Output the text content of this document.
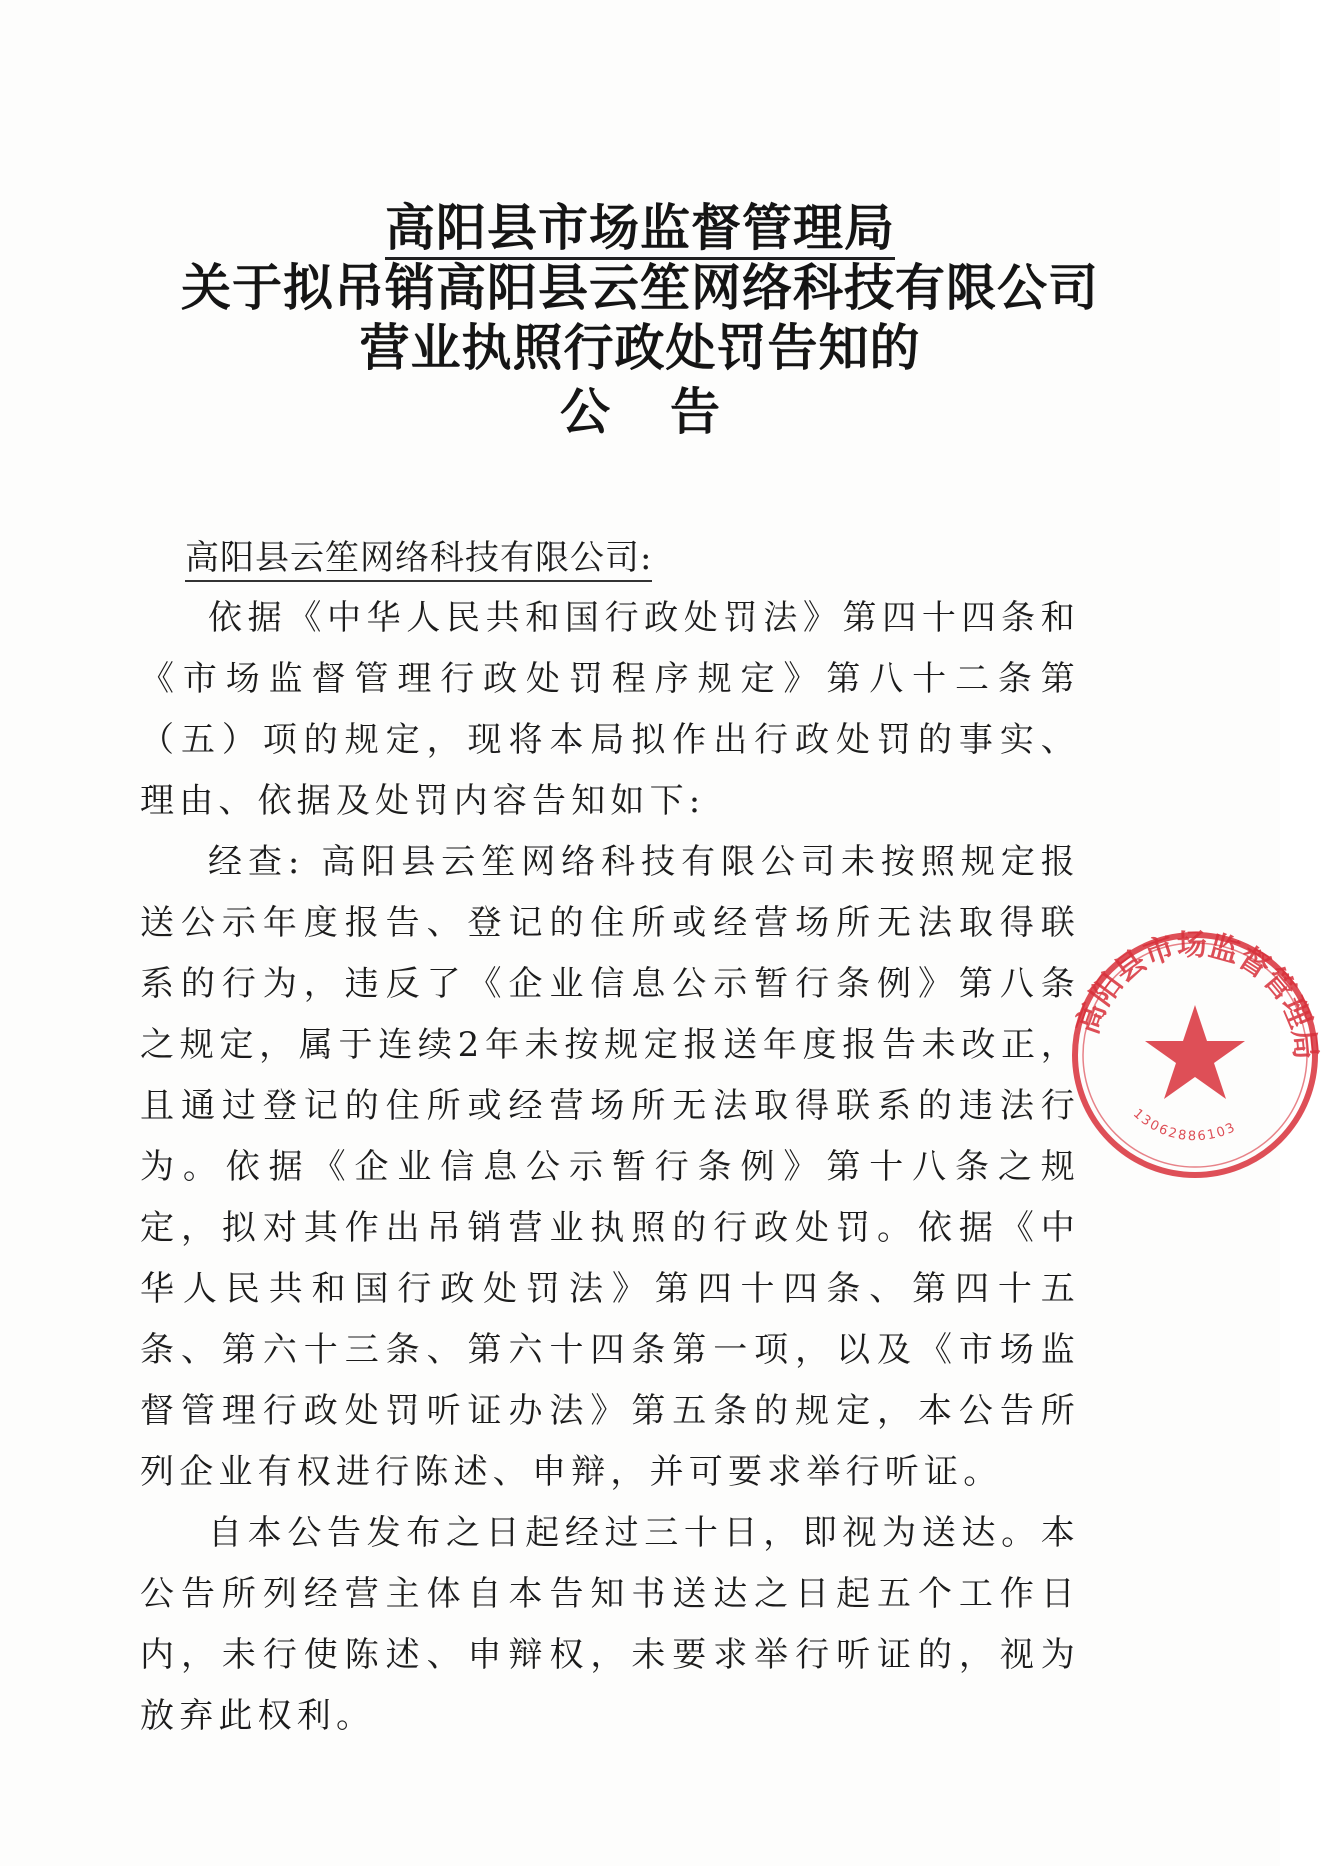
高阳县市场监督管理局
关于拟吊销高阳县云笙网络科技有限公司
营业执照行政处罚告知的
公告
高阳县云笙网络科技有限公司:

依据《中华人民共和国行政处罚法》第四十四条和《市场监督管理行政处罚程序规定》第八十二条第（五）项的规定，现将本局拟作出行政处罚的事实、理由、依据及处罚内容告知如下:

经查: 高阳县云笙网络科技有限公司未按照规定报送公示年度报告、登记的住所或经营场所无法取得联系的行为，违反了《企业信息公示暂行条例》第八条之规定，属于连续2年未按规定报送年度报告未改正，且通过登记的住所或经营场所无法取得联系的违法行为。依据《企业信息公示暂行条例》第十八条之规定，拟对其作出吊销营业执照的行政处罚。依据《中华人民共和国行政处罚法》第四十四条、第四十五条、第六十三条、第六十四条第一项，以及《市场监督管理行政处罚听证办法》第五条的规定，本公告所列企业有权进行陈述、申辩，并可要求举行听证。

自本公告发布之日起经过三十日，即视为送达。本公告所列经营主体自本告知书送达之日起五个工作日内，未行使陈述、申辩权，未要求举行听证的，视为放弃此权利。

高阳县市场监督管理局
13062886103
